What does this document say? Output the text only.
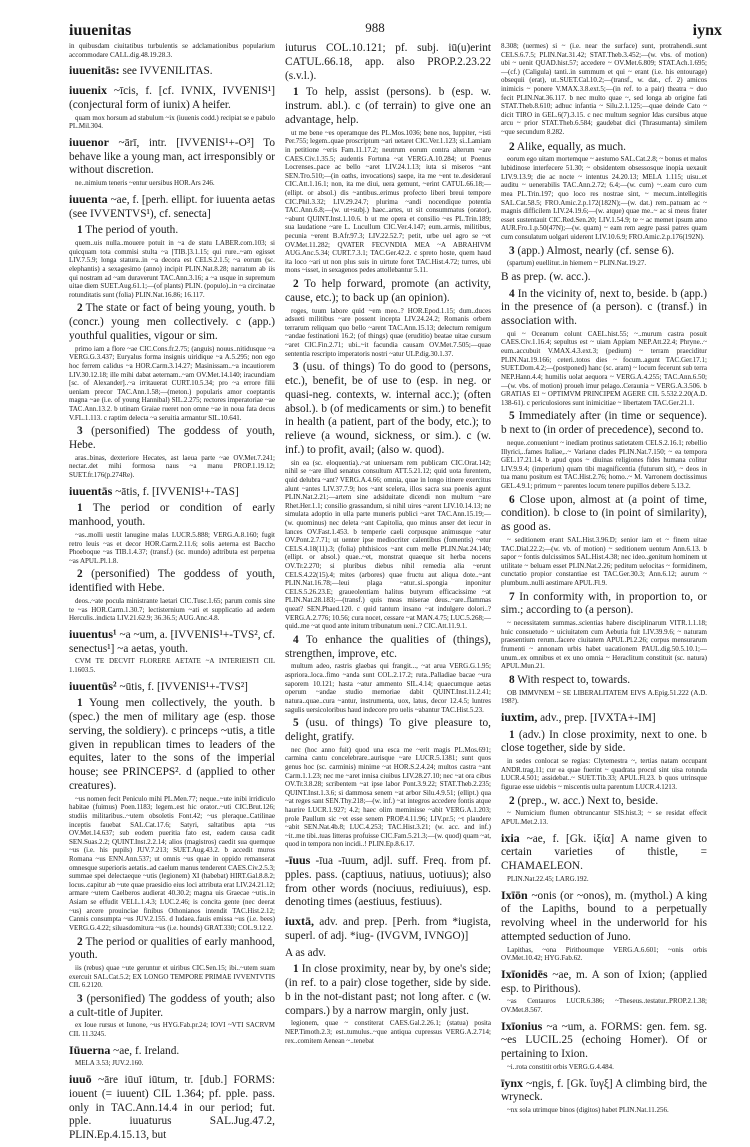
iuuenitas	988	iynx
in quibusdam ciuitatibus turbulentis se adclamationibus popularium accommodare CALL.dig.48.19.28.3.
iuuenitās: see IVVENILITAS.
iuuenix ~īcis, f. [cf. IVNIX, IVVENIS¹] (conjectural form of iunix) A heifer.
quam mox horsum ad stabulum ~ix (iuuenis codd.) recipiat se e pabulo PL.Mil.304.
iuuenor ~ārī, intr. [IVVENIS¹+-O³] To behave like a young man, act irresponsibly or without discretion.
ne..nimium teneris ~entur uersibus HOR.Ars 246.
iuuenta ~ae, f. [perh. ellipt. for iuuenta aetas (see IVVENTVS¹), cf. senecta]
1 The period of youth.
quem..uis nulla..mouere potuit in ~a de statu LABER.com.103; si quicquam tota commisi stulta ~a [TIB.]3.1.15; qui rure..~am egisset LIV.7.5.9; longa statura..in ~a decora est CELS.2.1.5; ~a eorum (sc. elephantis) a sexagesimo (anno) incipit PLIN.Nat.8.28; narratum ab iis qui nostram ad ~am duraverunt TAC.Ann.3.16; a ~a usque in supremum uitae diem SUET.Aug.61.1;—(of plants) PLIN. (populo)..in ~a circinatae rotunditatis sunt (folia) PLIN.Nat.16.86; 16.117.
2 The state or fact of being young, youth. b (concr.) young men collectively. c (app.) youthful qualities, vigour or sim.
primo iam a flore ~ae CIC.Cons.fr.2.75; (anguis) nouus..nitidusque ~a VERG.G.3.437; Euryalus forma insignis uiridique ~a A.5.295; non ego hoc ferrem calidus ~a HOR.Carm.3.14.27; Masinissam..~a incautiorem LIV.30.12.18; ille mihi dabat aeternam..~am OV.Met.14.140; iracundiam [sc. of Alexander]..~a irritauerat CURT.10.5.34; pro ~a errore filii ueniam precor TAC.Ann.1.58;—(meton.) popularis amor coeptantis magna ~ae (i.e. of young Hannibal) SIL.2.275; rectores imperatoriae ~ae TAC.Ann.13.2. b utinam Graiae rueret non omne ~ae in noua fata decus V.FL.1.113. c raptim delecta ~a seruitia armantur SIL.10.641.
3 (personified) The goddess of youth, Hebe.
aras..binas, dexteriore Hecates, ast laeua parte ~ae OV.Met.7.241; nectar..det mihi formosa naus ~a manu PROP.1.19.12; SUET.fr.176(p.274Re).
iuuentās ~ātis, f. [IVVENIS¹+-TAS]
1 The period or condition of early manhood, youth.
~as..molli uestit lanugine malas LUCR.5.888; VERG.A.8.160; fugit retro leuis ~as et decor HOR.Carm.2.11.6; solis aeterna est Baccho Phoeboque ~as TIB.1.4.37; (transf.) (sc. mundo) adtributa est perpetua ~as APUL.Pl.1.8.
2 (personified) The goddess of youth, identified with Hebe.
deos..~ate pocula ministrante laetari CIC.Tusc.1.65; parum comis sine te ~as HOR.Carm.1.30.7; lectisternium ~ati et supplicatio ad aedem Herculis..indicta LIV.21.62.9; 36.36.5; AUG.Anc.4.8.
iuuentus¹ ~a ~um, a. [IVVENIS¹+-TVS², cf. senectus¹] ~a aetas, youth.
CVM TE DECVIT FLORERE AETATE ~A INTERIEISTI CIL 1.1603.5.
iuuentūs² ~ūtis, f. [IVVENIS¹+-TVS²]
1 Young men collectively, the youth. b (spec.) the men of military age (esp. those serving, the soldiery). c princeps ~utis, a title given in republican times to leaders of the equites, later to the sons of the imperial house; see PRINCEPS². d (applied to other creatures).
~us nomen fecit Peniculo mihi PL.Men.77; neque..~ute inibi irridiculo habitae (fuimus) Poen.1183; legem..est hic orator..~uti CIC.Brut.126; studiis militaribus..~utem obsoletis Font.42; ~us pleraque..Catilinae inceptis fauebat SAL.Cat.17.6; Satyri, saltatibus apta ~us OV.Met.14.637; sub eodem pueritia fato est, eadem causa cadit SEN.Suas.2.2; QUINT.Inst.2.2.14; alios (magistros) caedit sua quemque ~us (i.e. his pupils) JUV.7.213; SUET.Aug.43.2. b accedit muros Romana ~us ENN.Ann.537; ut omnis ~us quae in oppido remanserat omnesque superioris aetatis..ad caelum manus tenderent CAES.Civ.2.5.3; summae spei delectaeque ~utis (legionem) XI (habebat) HIRT.Gal.8.8.2; locus..capitur ab ~ute quae praesidio eius loci attributa erat LIV.24.21.12; armare ~utem Caelberos audierat 40.30.2; magna uis Graecae ~utis..in Asiam se effudit VELL.1.4.3; LUC.2.46; is concita gente (nec deerat ~us) arcere prouinciae finibus Othonianos intendit TAC.Hist.2.12; Cannis consumpta ~us JUV.2.155. d Iudaea..fauis emissa ~us (i.e. bees) VERG.G.4.22; siluasdomitura ~us (i.e. hounds) GRAT.330; COL.9.12.2.
2 The period or qualities of early manhood, youth.
iis (rebus) quae ~ute geruntur et uiribus CIC.Sen.15; ibi..~utem suam exercuit SAL.Cat.5.2; EX LONGO TEMPORE PRIMAE IVVENTVTIS CIL 6.2120.
3 (personified) The goddess of youth; also a cult-title of Jupiter.
ex Ioue rursus et Iunone, ~us HYG.Fab.pr.24; IOVI ~VTI SACRVM CIL 11.3245.
Iūuerna ~ae, f. Ireland.
MELA 3.53; JUV.2.160.
iuuō ~āre iūuī iūtum, tr. [dub.] FORMS: iouent (= iuuent) CIL 1.364; pf. pple. pass. only in TAC.Ann.14.4 in our period; fut. pple. iuuaturus SAL.Jug.47.2, PLIN.Ep.4.15.13, but
iuturus COL.10.121; pf. subj. iū(u)erint CATUL.66.18, app. also PROP.2.23.22 (s.v.l.).
1 To help, assist (persons). b (esp. w. instrum. abl.). c (of terrain) to give one an advantage, help.
ut me bene ~es operamque des PL.Mos.1036; bene nos, Iuppiter, ~isti Per.755; legem..quae proscriptum ~ari uetaret CIC.Ver.1.123; si..Lamiam in petitione ~eris Fam.11.17.2; neutrum eorum contra alterum ~are CAES.Civ.1.35.5; audentis Fortuna ~at VERG.A.10.284; ut Poenus Locrenses..pace ac bello ~aret LIV.24.1.13; iuta si miseros ~ant SEN.Tro.510;—(in oaths, invocations) saepe, ita me ~ent te..desiderauí CIC.Att.1.16.1; non, ita me diui, uera gemunt, ~erint CATUL.66.18;—(ellipt. or absol.) dis ~antibus..erimus profecto liberi breui tempore CIC.Phil.3.32; LIV.29.24.7; plurima ~andi nocendique potentia TAC.Ann.6.8;—(w. ut+subj.) haec..artes, ut sit consummatus (orator), ~abunt QUINT.Inst.1.10.6. b ut me opera et consilio ~es PL.Trin.189; sua laudatione ~are L. Lucullum CIC.Ver.4.147; eum..armis, militibus, pecunia ~erent B.Afr.97.3; LIV.22.52.7; petit, urbe uel agro se ~et OV.Met.11.282; QVATER FECVNDIA MEA ~A ABRAHIVM AUG.Anc.5.34; CURT.7.3.1; TAC.Ger.42.2. c spreto hoste, quem haud ita loco ~ari ut non plus suis in uirtute foret TAC.Hist.4.72; turres, ubi mons ~isset, in sexagenos pedes attollebantur 5.11.
2 To help forward, promote (an activity, cause, etc.); to back up (an opinion).
roges, tuum labore quid ~em meo..? HOR.Epod.1.15; dum..duces adsueti militibus ~are possent incepta LIV.24.24.2; Romanis orbem terrarum reliquam quo bello ~arent TAC.Ann.15.13; delectum remigum ~andae festinationi 16.2; (of things) quae (eruditio) beatae uitae cursum ~aret CIC.Fin.2.71; ubi..~it facundia causam OV.Met.7.505;—quae sententia rescripto imperatoris nostri ~atur ULP.dig.30.1.37.
3 (usu. of things) To do good to (persons, etc.), benefit, be of use to (esp. in neg. or quasi-neg. contexts, w. internal acc.); (often absol.). b (of medicaments or sim.) to benefit in health (a patient, part of the body, etc.); to relieve (a wound, sickness, or sim.). c (w. inf.) to profit, avail; (also w. quod).
sin ea (sc. eloquentia)..~at uniuersam rem publicam CIC.Orat.142; nihil se ~are illud senatus consultum ATT.5.21.12; quid uota furentem, quid delubra ~ant? VERG.A.4.66; omnia, quae in longo itinere exercitus alunt ~antes LIV.37.7.9; hos ~ant scelera, illos sacra sua poenis agunt PLIN.Nat.2.21;—artem sine adsiduitate dicendi non multum ~are Rhet.Her.1.1; consilio grassandum, si nihil uires ~arent LIV.10.14.13; ne simulata adoptio in ulla parte muneris publici ~aret TAC.Ann.15.19;—(w. quominus) nec deleta ~ant Capitolia, quo minus anser det iecur in lances OV.Fast.1.453. b temperie caeli corpusque animusque ~atur OV.Pont.2.7.71; ut uenter ipse mediocriter calentibus (fomentis) ~etur CELS.4.18(11).3; (folia) phthisicos ~ant cum melle PLIN.Nat.24.140; (ellipt. or absol.) quae..~et, monstrat quaeque sit herba nocens OV.Tr.2.270; si pluribus diebus nihil remedia alia ~erunt CELS.4.22(15).4; mites (arbores) quae fructu aut aliqua dote..~ant PLIN.Nat.16.78;—leui plaga ~atur..si..spongia inponitur CELS.5.26.23.E; graueolentiam halitus butyrum efficacissime ~at PLIN.Nat.28.183;—(transf.) quis meas miserae deus..~are..flammas queat? SEN.Phaed.120. c quid tantum insano ~at indulgere dolori..? VERG.A.2.776; 10.56; cura nocet, cessare ~at MAN.4.75; LUC.5.268;—quid..me ~at quod ante initum tribunatum ueni..? CIC.Att.11.9.1.
4 To enhance the qualities of (things), strengthen, improve, etc.
multum adeo, rastris glaebas qui frangit..., ~at arua VERG.G.1.95; aspriora..loca..fimo ~anda sunt COL.2.17.2; ruta..Palladiae bacae ~ura saporem 10.121; hasta ~atur ammento SIL.4.14; quaecumque aetas operum ~andae studio memoriae dabit QUINT.Inst.11.2.41; natura..quae..cura ~antur, instrumenta, uox, latus, decor 12.4.5; luntres sagulis uersicoloribus haud indecore pro uelis ~abantur TAC.Hist.5.23.
5 (usu. of things) To give pleasure to, delight, gratify.
nec (hoc anno fuit) quod una esca me ~erit magis PL.Mos.691; carmina cantu concelebrare..aurisque ~are LUCR.5.1381; sunt quos genus hoc (sc. carminis) minime ~at HOR.S.2.4.24; multos castra ~ant Carm.1.1.23; nec me ~aret innisa ciuibus LIV.28.27.10; nec ~at ora cibus OV.Tr.3.8.28; scribentem ~at ipse labor Pont.3.9.22; STAT.Theb.2.235; QUINT.Inst.1.3.6; si dammosa senem ~at arbor Silu.4.9.51; (ellipt.) qua ~at reges sant SEN.Thy.218;—(w. inf.) ~at integros accedere fontis atque haurire LUCR.1.927; 4.2; haec olim meminisse ~abit VERG.A.1.203; prole Paullum sic ~et esse senem PROP.4.11.96; LIV.pr.5; ~t plaudere ~abit SEN.Nat.4b.8; LUC.4.253; TAC.Hist.3.21; (w. acc. and inf.) ~it..me tibi..tuas litteras profuisse CIC.Fam.5.21.3;—(w. quod) quam ~at, quod in tempora non incidi..! PLIN.Ep.8.6.17.
-īuus -īua -īuum, adjl. suff. Freq. from pf. pples. pass. (captiuus, natiuus, uotiuus); also from other words (nociuus, rediuiuus), esp. denoting times (aestiuus, festiuus).
iuxtā, adv. and prep. [Perh. from *iugista, superl. of adj. *iug- (IVGVM, IVNGO)]
A as adv.
1 In close proximity, near by, by one's side; (in ref. to a pair) close together, side by side. b in the not-distant past; not long after. c (w. compars.) by a narrow margin, only just.
legionem, quae ~ constiterat CAES.Gal.2.26.1; (statua) posita NEP.Timoth.2.3; est..tumulus..~que antiqua cupressus VERG.A.2.714; rex..comitem Aenean ~..tenebat
8.308; (uermes) si ~ (i.e. near the surface) sunt, protrahendi..sunt CELS.6.7.5; PLIN.Nat.31.42; STAT.Theb.3.452;—(w. vbs. of motion) ubi ~ uenit QUAD.hist.57; accedere ~ OV.Met.6.809; STAT.Ach.1.695;—(cf.) (Caligula) tanti..in summum et qui ~ erant (i.e. his entourage) obsequii (erat), ut..SUET.Cal.10.2;—(transf., w. dat., cf. 2) amicos inimicis ~ ponere V.MAX.3.8.ext.5;—(in ref. to a pair) theatra ~ duo fecit PLIN.Nat.36.117. b nec multo quae ~, sed longa ab origine fati STAT.Theb.8.610; adhuc infantia ~ Silu.2.1.125;—quae deinde Cato ~ dicit TIRO in GEL.6(7).3.15. c nec multum segnior Idas cursibus atque arcu ~ prior STAT.Theb.6.584; gaudebat dici (Thrasumanta) similem ~que secundum 8.282.
2 Alike, equally, as much.
eorum ego uitam mortemque ~ aestumo SAL.Cat.2.8; ~ bonus et malos lubidinose interfecere 51.30; ~ obsidentem obsessosque inopia uexauit LIV.9.13.9; die ac nocte ~ intentus 24.20.13; MELA 1.115; uisu..et auditu ~ uenerabilis TAC.Ann.2.72; 6.4;—(w. cum) ~..eam curo cum mea PL.Trin.197; quo loco res nostrae sint, ~ mecum..intellegitis SAL.Cat.58.5; FRO.Amic.2.p.172(182N);—(w. dat.) rem..patuam ac ~ magnis difficilem LIV.24.19.6;—(w. atque) quae me..~ ac si meus frater esset sustentauit CIC.Red.Sen.20; LIV.1.54.9; te ~ ac memet ipsum amo AUR.Fro.1.p.50(47N);—(w. quam) ~ eam rem aegre passi patres quam cum consulatum uolgari uiderent LIV.10.6.9; FRO.Amic.2.p.176(192N).
3 (app.) Almost, nearly (cf. sense 6).
(spartum) euellitur..in hiemem ~ PLIN.Nat.19.27.
B as prep. (w. acc.).
4 In the vicinity of, next to, beside. b (app.) in the presence of (a person). c (transf.) in association with.
qui ~ Oceanum colunt CAEL.hist.55; ~..murum castra posuit CAES.Civ.1.16.4; sepultus est ~ uiam Appiam NEP.Att.22.4; Phryne..~ eum..accubuit V.MAX.4.3.ext.3; (pedium) ~ terram praeciditur PLIN.Nat.19.166; ceteri..totos dies ~ focum..agunt TAC.Ger.17.1; SUET.Dom.4.2;—(postponed) hanc (sc. aram) ~ locum fecerunt sub terra NEP.Hann.4.4; humilis uolat aequora ~ VERG.A.4.255; TAC.Ann.6.50;—(w. vbs. of motion) proueh imur pelago..Ceraunia ~ VERG.A.3.506. b GRATIAS EI ~ OPTIMVM PRINCIPEM AGERE CIL 5.532.2.20(A.D. 138-61). c periculosiores sunt inimicitiae ~ libertatem TAC.Ger.21.1.
5 Immediately after (in time or sequence). b next to (in order of precedence), second to.
neque..conueniunt ~ inediam protinus satietatem CELS.2.16.1; rebellio Illyrici,..fames Italiae,..~ Varianα clades PLIN.Nat.7.150; ~ ea tempora GEL.17.21.14. b apud quos ~ diuinas religiones fides humana colitur LIV.9.9.4; (imperium) quam tibi magnificentia (futurum sit), ~ deos in tua manu positum est TAC.Hist.2.76; homo..~ M. Varronem doctissimus GEL.4.9.1; primum ~ parentes locum tenere pupillos debere 5.13.2.
6 Close upon, almost at (a point of time, condition). b close to (in point of similarity), as good as.
~ seditionem erant SAL.Hist.3.96.D; senior iam et ~ finem uitae TAC.Dial.22.2;—(w. vb. of motion) ~ seditionem uentum Ann.6.13. b sapor ~ fontis dulcissimos SAL.Hist.4.38; nec ideo..genitum hominem ut utilitate ~ beluam esset PLIN.Nat.2.26; peditum uelocitas ~ formidinem, cunctatio propior constantiae est TAC.Ger.30.3; Ann.6.12; aurum ~ plumbum..nulli aestimare APUL.Fl.9.
7 In conformity with, in proportion to, or sim.; according to (a person).
~ necessitatem summas..scientias habere disciplinarum VITR.1.1.18; huic consuetudo ~ uiciuitatem cum Aebutia fuit LIV.39.9.6; ~ naturam praesentium rerum..facere ciuitatem APUL.Pl.2.26; corpus mensurarum frumenti ~ annonam urbis habet uacationem PAUL.dig.50.5.10.1;—unum..ex omnibus et ex uno omnia ~ Heraclitum constituit (sc. natura) APUL.Mun.21.
8 With respect to, towards.
OB IMMVNEM ~ SE LIBERALITATEM EIVS A.Epig.51.222 (A.D. 198?).
iuxtim, adv., prep. [IVXTA+-IM]
1 (adv.) In close proximity, next to one. b close together, side by side.
in sedes conlocat se regias: Clytemestra ~, tertias natam occupant ANDR.trag.11; cur ea quae fuerint ~ quadrata procul sint uisa rotunda LUCR.4.501; assidebat..~ SUET.Tib.33; APUL.Fl.23. b quos utrinsque figurae esse uidebis ~ miscentis uulta parentum LUCR.4.1213.
2 (prep., w. acc.) Next to, beside.
~ Numicium flumen obtruncantur SIS.hist.3; ~ se residat effecit APUL.Met.2.13.
ixia ~ae, f. [Gk. ἰξία] A name given to certain varieties of thistle, = CHAMAELEON.
PLIN.Nat.22.45; LARG.192.
Ixīōn ~onis (or ~onos), m. (mythol.) A king of the Lapiths, bound to a perpetually revolving wheel in the underworld for his attempted seduction of Juno.
Lapithas, ~ona Pirithoumque VERG.A.6.601; ~onis orbis OV.Met.10.42; HYG.Fab.62.
Ixīonidēs ~ae, m. A son of Ixion; (applied esp. to Pirithous).
~as Centauros LUCR.6.386; ~Theseus..testatur..PROP.2.1.38; OV.Met.8.567.
Ixīonius ~a ~um, a. FORMS: gen. fem. sg. ~es LUCIL.25 (echoing Homer). Of or pertaining to Ixion.
~i..rota constitit orbis VERG.G.4.484.
īynx ~ngis, f. [Gk. ἴυγξ] A climbing bird, the wryneck.
~nx sola utrimque binos (digitos) habet PLIN.Nat.11.256.
